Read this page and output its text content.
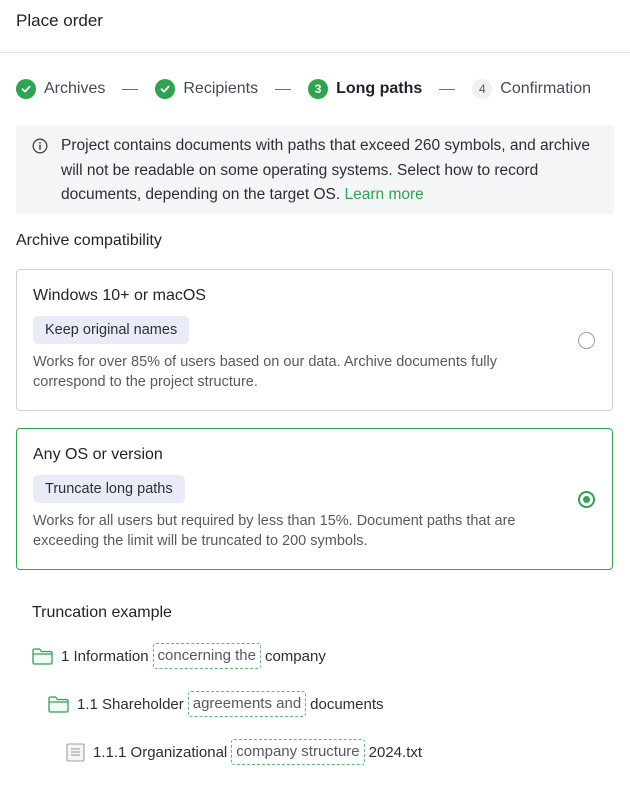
Place order
Archives	Recipients	3 Long paths	4 Confirmation

Project contains documents with paths that exceed 260 symbols, and archive will not be readable on some operating systems. Select how to record documents, depending on the target OS. Learn more

Archive compatibility
Windows 10+ or macOS
Keep original names
Works for over 85% of users based on our data. Archive documents fully correspond to the project structure.
Any OS or version
Truncate long paths
Works for all users but required by less than 15%. Document paths that are exceeding the limit will be truncated to 200 symbols.
Truncation example
1 Information concerning the company
1.1 Shareholder agreements and documents
1.1.1 Organizational company structure 2024.txt
